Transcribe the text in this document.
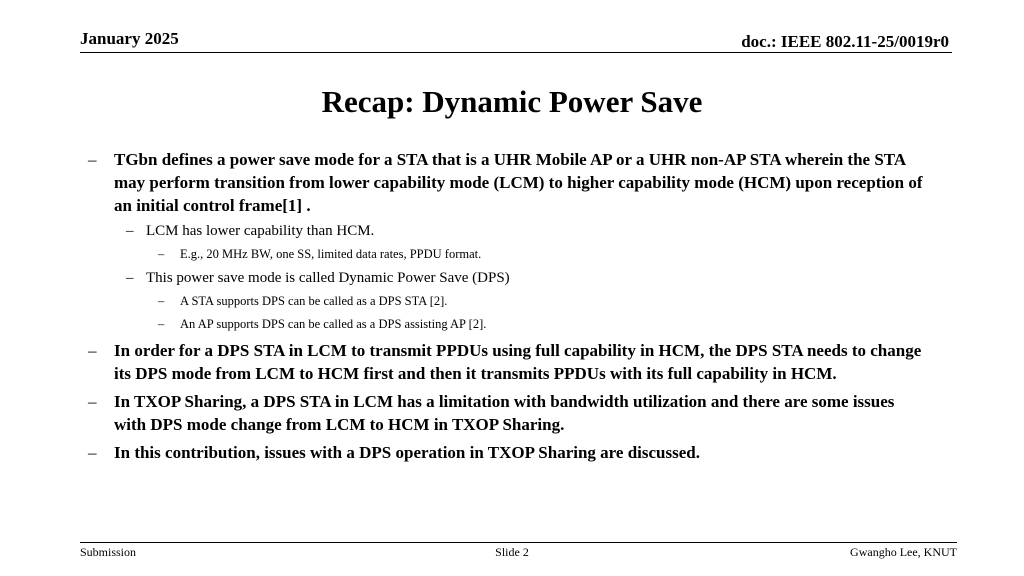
January 2025	doc.: IEEE 802.11-25/0019r0
Recap: Dynamic Power Save
– TGbn defines a power save mode for a STA that is a UHR Mobile AP or a UHR non-AP STA wherein the STA may perform transition from lower capability mode (LCM) to higher capability mode (HCM) upon reception of an initial control frame[1] .
– LCM has lower capability than HCM.
– E.g., 20 MHz BW, one SS, limited data rates, PPDU format.
– This power save mode is called Dynamic Power Save (DPS)
– A STA supports DPS can be called as a DPS STA [2].
– An AP supports DPS can be called as a DPS assisting AP [2].
– In order for a DPS STA in LCM to transmit PPDUs using full capability in HCM, the DPS STA needs to change its DPS mode from LCM to HCM first and then it transmits PPDUs with its full capability in HCM.
– In TXOP Sharing, a DPS STA in LCM has a limitation with bandwidth utilization and there are some issues with DPS mode change from LCM to HCM in TXOP Sharing.
– In this contribution, issues with a DPS operation in TXOP Sharing are discussed.
Submission	Slide 2	Gwangho Lee, KNUT
